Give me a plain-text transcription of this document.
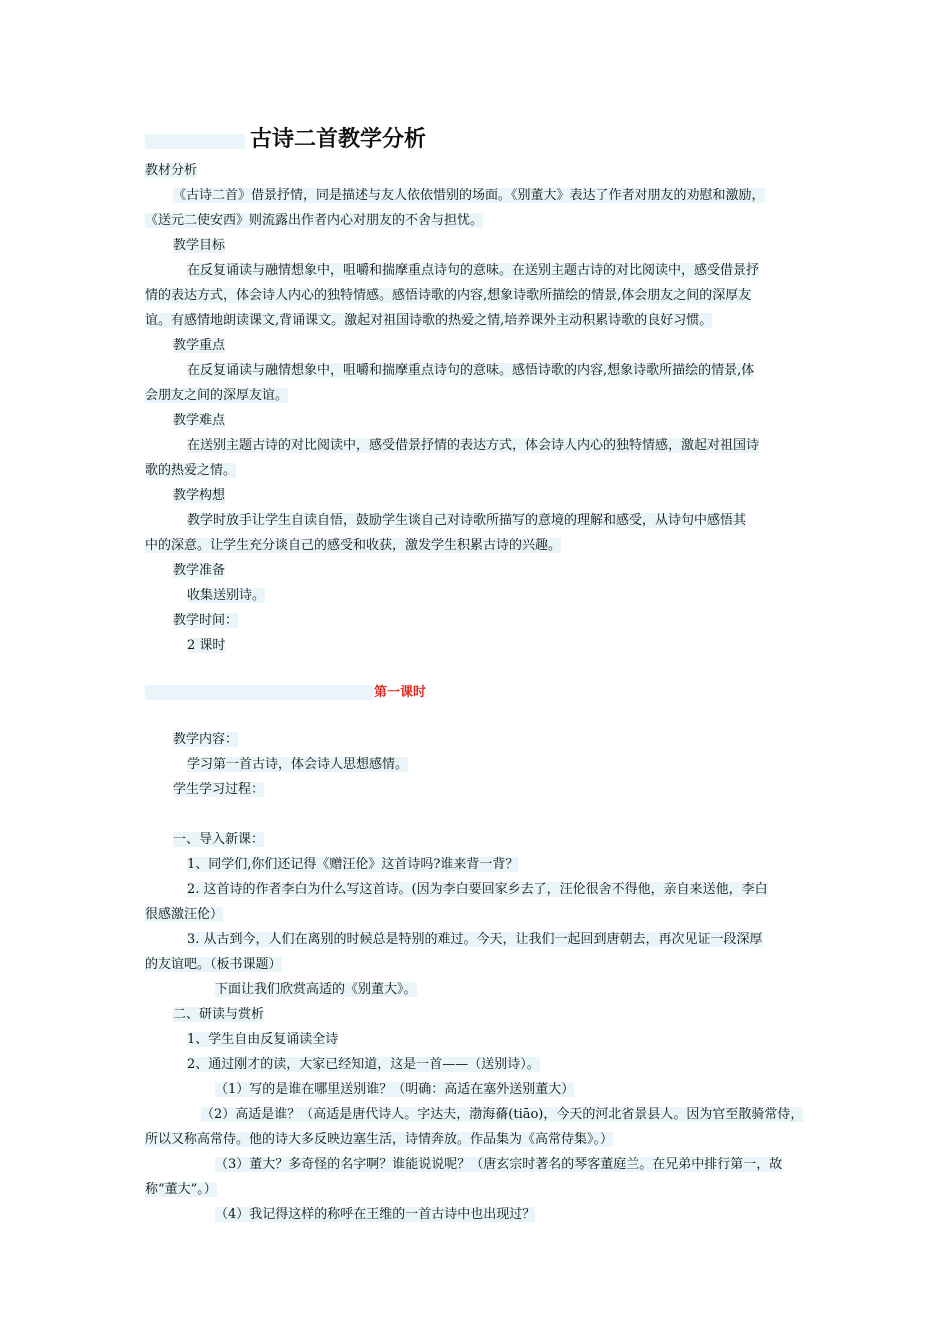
古诗二首教学分析

教材分析

《古诗二首》借景抒情，同是描述与友人依依惜别的场面。《别董大》表达了作者对朋友的劝慰和激励，

《送元二使安西》则流露出作者内心对朋友的不舍与担忧。

教学目标

在反复诵读与融情想象中，咀嚼和揣摩重点诗句的意味。在送别主题古诗的对比阅读中，感受借景抒

情的表达方式，体会诗人内心的独特情感。感悟诗歌的内容,想象诗歌所描绘的情景,体会朋友之间的深厚友

谊。有感情地朗读课文,背诵课文。激起对祖国诗歌的热爱之情,培养课外主动积累诗歌的良好习惯。

教学重点

在反复诵读与融情想象中，咀嚼和揣摩重点诗句的意味。感悟诗歌的内容,想象诗歌所描绘的情景,体

会朋友之间的深厚友谊。

教学难点

在送别主题古诗的对比阅读中，感受借景抒情的表达方式，体会诗人内心的独特情感，激起对祖国诗

歌的热爱之情。

教学构想

教学时放手让学生自读自悟，鼓励学生谈自己对诗歌所描写的意境的理解和感受，从诗句中感悟其

中的深意。让学生充分谈自己的感受和收获，激发学生积累古诗的兴趣。

教学准备

收集送别诗。

教学时间：

2 课时

第一课时

教学内容：

学习第一首古诗，体会诗人思想感情。

学生学习过程：

一、导入新课：

1、同学们,你们还记得《赠汪伦》这首诗吗?谁来背一背？

2. 这首诗的作者李白为什么写这首诗。(因为李白要回家乡去了，汪伦很舍不得他，亲自来送他，李白

很感激汪伦）

3. 从古到今，人们在离别的时候总是特别的难过。今天，让我们一起回到唐朝去，再次见证一段深厚

的友谊吧。（板书课题）

下面让我们欣赏高适的《别董大》。

二、研读与赏析

1、学生自由反复诵读全诗

2、通过刚才的读，大家已经知道，这是一首——（送别诗）。

（1）写的是谁在哪里送别谁？（明确：高适在塞外送别董大）

（2）高适是谁？（高适是唐代诗人。字达夫，渤海蓨(tiāo)，今天的河北省景县人。因为官至散骑常侍，

所以又称高常侍。他的诗大多反映边塞生活，诗情奔放。作品集为《高常侍集》。）

（3）董大？多奇怪的名字啊？谁能说说呢？（唐玄宗时著名的琴客董庭兰。在兄弟中排行第一，故

称“董大”。）

（4）我记得这样的称呼在王维的一首古诗中也出现过？
